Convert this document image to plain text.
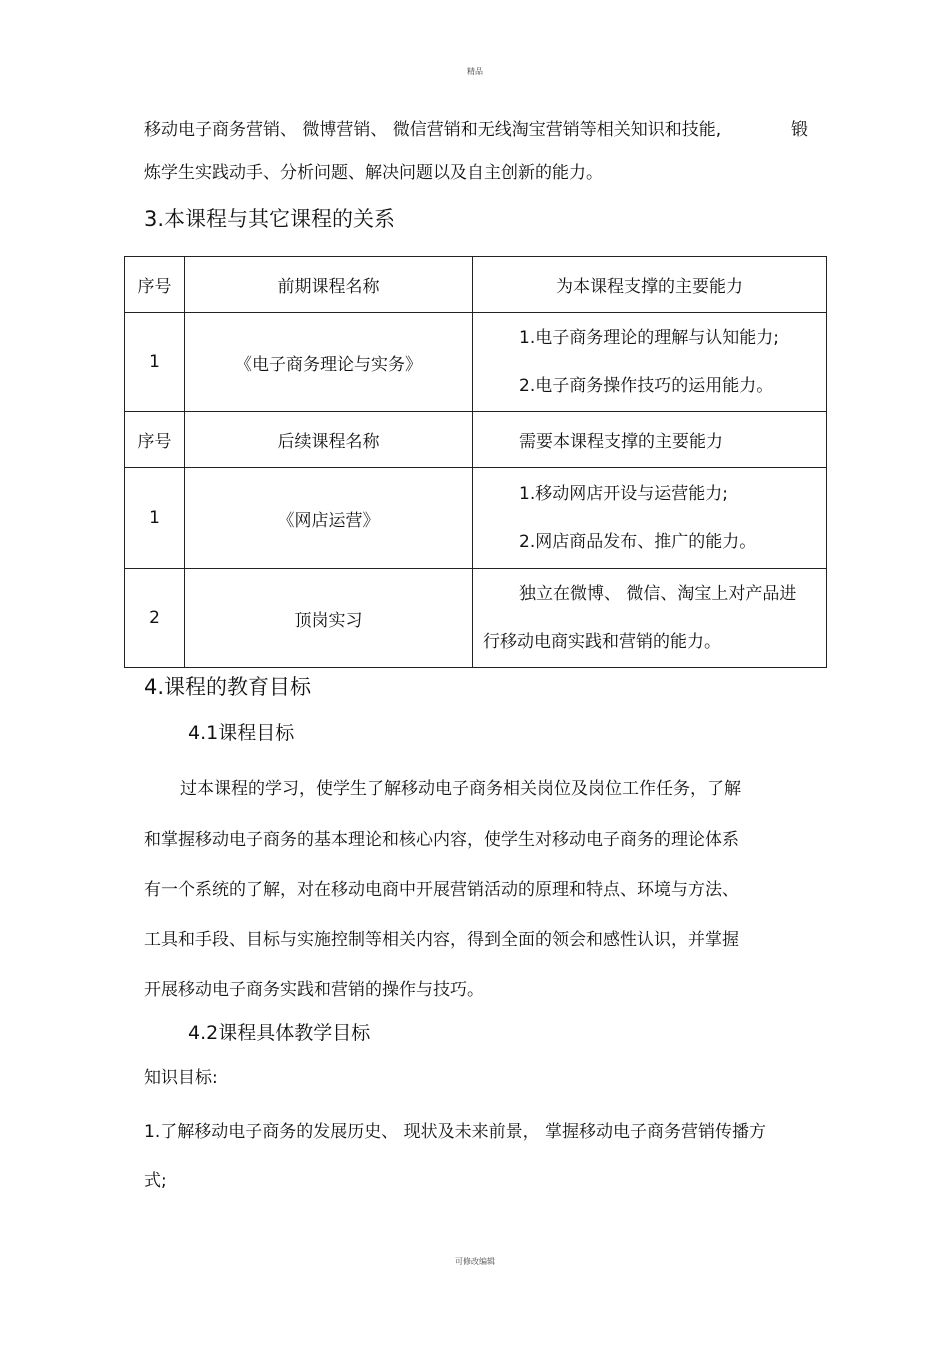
精品
移动电子商务营销、 微博营销、 微信营销和无线淘宝营销等相关知识和技能,	锻
炼学生实践动手、分析问题、解决问题以及自主创新的能力。
3.本课程与其它课程的关系
序号	前期课程名称	为本课程支撑的主要能力
1	《电子商务理论与实务》	1.电子商务理论的理解与认知能力;
2.电子商务操作技巧的运用能力。

序号	后续课程名称	需要本课程支撑的主要能力
1	《网店运营》	1.移动网店开设与运营能力;
2.网店商品发布、推广的能力。

2	顶岗实习	独立在微博、 微信、淘宝上对产品进
行移动电商实践和营销的能力。
4.课程的教育目标
4.1课程目标
过本课程的学习，使学生了解移动电子商务相关岗位及岗位工作任务，了解
和掌握移动电子商务的基本理论和核心内容，使学生对移动电子商务的理论体系
有一个系统的了解，对在移动电商中开展营销活动的原理和特点、环境与方法、
工具和手段、目标与实施控制等相关内容，得到全面的领会和感性认识，并掌握
开展移动电子商务实践和营销的操作与技巧。
4.2课程具体教学目标
知识目标:
1.了解移动电子商务的发展历史、 现状及未来前景， 掌握移动电子商务营销传播方
式;
可修改编辑
